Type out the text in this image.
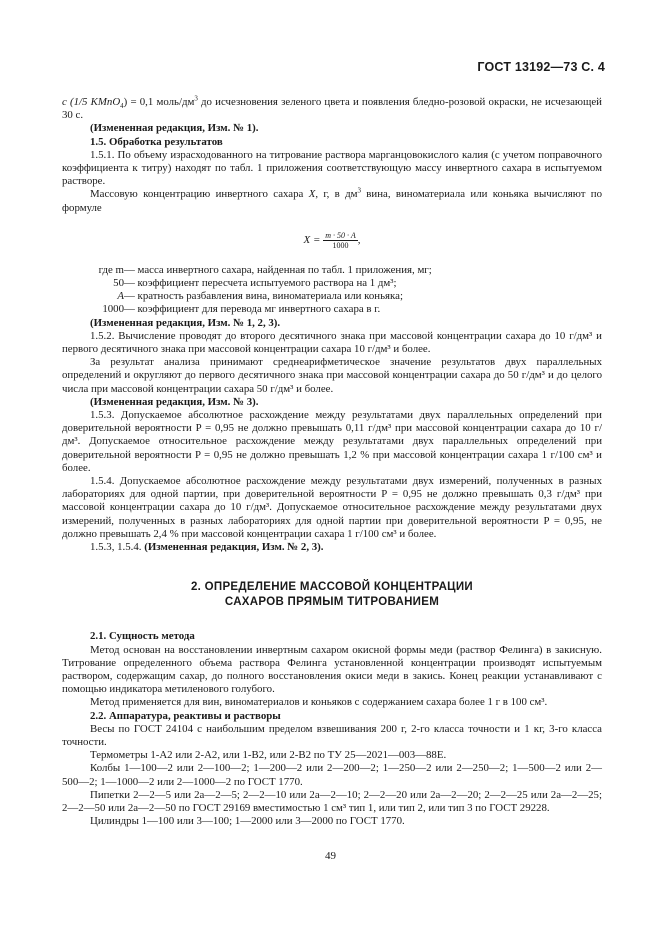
ГОСТ 13192—73 С. 4

c (1/5 KMnO$_4$) = 0,1 моль/$дм^3$ до исчезновения зеленого цвета и появления бледно-розовой окраски, не исчезающей 30 с.

(Измененная редакция, Изм. № 1).

1.5. Обработка результатов

1.5.1. По объему израсходованного на титрование раствора марганцовокислого калия (с учетом поправочного коэффициента к титру) находят по табл. 1 приложения соответствующую массу инвертного сахара в испытуемом растворе.

Массовую концентрацию инвертного сахара X, г, в $дм^3$ вина, виноматериала или коньяка вычисляют по формуле

$X = \frac{m \cdot 50 \cdot A}{1000}$ ,
где m — масса инвертного сахара, найденная по табл. 1 приложения, мг;
50 — коэффициент пересчета испытуемого раствора на 1 дм³;
A — кратность разбавления вина, виноматериала или коньяка;
1000 — коэффициент для перевода мг инвертного сахара в г.

(Измененная редакция, Изм. № 1, 2, 3).

1.5.2. Вычисление проводят до второго десятичного знака при массовой концентрации сахара до 10 г/дм³ и первого десятичного знака при массовой концентрации сахара 10 г/дм³ и более.

За результат анализа принимают среднеарифметическое значение результатов двух параллельных определений и округляют до первого десятичного знака при массовой концентрации сахара до 50 г/дм³ и до целого числа при массовой концентрации сахара 50 г/дм³ и более.

(Измененная редакция, Изм. № 3).

1.5.3. Допускаемое абсолютное расхождение между результатами двух параллельных определений при доверительной вероятности P = 0,95 не должно превышать 0,11 г/дм³ при массовой концентрации сахара до 10 г/дм³. Допускаемое относительное расхождение между результатами двух параллельных определений при доверительной вероятности P = 0,95 не должно превышать 1,2 % при массовой концентрации сахара 1 г/100 см³ и более.

1.5.4. Допускаемое абсолютное расхождение между результатами двух измерений, полученных в разных лабораториях для одной партии, при доверительной вероятности P = 0,95 не должно превышать 0,3 г/дм³ при массовой концентрации сахара до 10 г/дм³. Допускаемое относительное расхождение между результатами двух измерений, полученных в разных лабораториях для одной партии при доверительной вероятности P = 0,95, не должно превышать 2,4 % при массовой концентрации сахара 1 г/100 см³ и более.

1.5.3, 1.5.4. (Измененная редакция, Изм. № 2, 3).

2. ОПРЕДЕЛЕНИЕ МАССОВОЙ КОНЦЕНТРАЦИИ
САХАРОВ ПРЯМЫМ ТИТРОВАНИЕМ

2.1. Сущность метода

Метод основан на восстановлении инвертным сахаром окисной формы меди (раствор Фелинга) в закисную. Титрование определенного объема раствора Фелинга установленной концентрации производят испытуемым раствором, содержащим сахар, до полного восстановления окиси меди в закись. Конец реакции устанавливают с помощью индикатора метиленового голубого.

Метод применяется для вин, виноматериалов и коньяков с содержанием сахара более 1 г в 100 см³.

2.2. Аппаратура, реактивы и растворы

Весы по ГОСТ 24104 с наибольшим пределом взвешивания 200 г, 2-го класса точности и 1 кг, 3-го класса точности.

Термометры 1-А2 или 2-А2, или 1-В2, или 2-В2 по ТУ 25—2021—003—88Е.

Колбы 1—100—2 или 2—100—2; 1—200—2 или 2—200—2; 1—250—2 или 2—250—2; 1—500—2 или 2—500—2; 1—1000—2 или 2—1000—2 по ГОСТ 1770.

Пипетки 2—2—5 или 2а—2—5; 2—2—10 или 2а—2—10; 2—2—20 или 2а—2—20; 2—2—25 или 2а—2—25; 2—2—50 или 2а—2—50 по ГОСТ 29169 вместимостью 1 см³ тип 1, или тип 2, или тип 3 по ГОСТ 29228.

Цилиндры 1—100 или 3—100; 1—2000 или 3—2000 по ГОСТ 1770.

49
